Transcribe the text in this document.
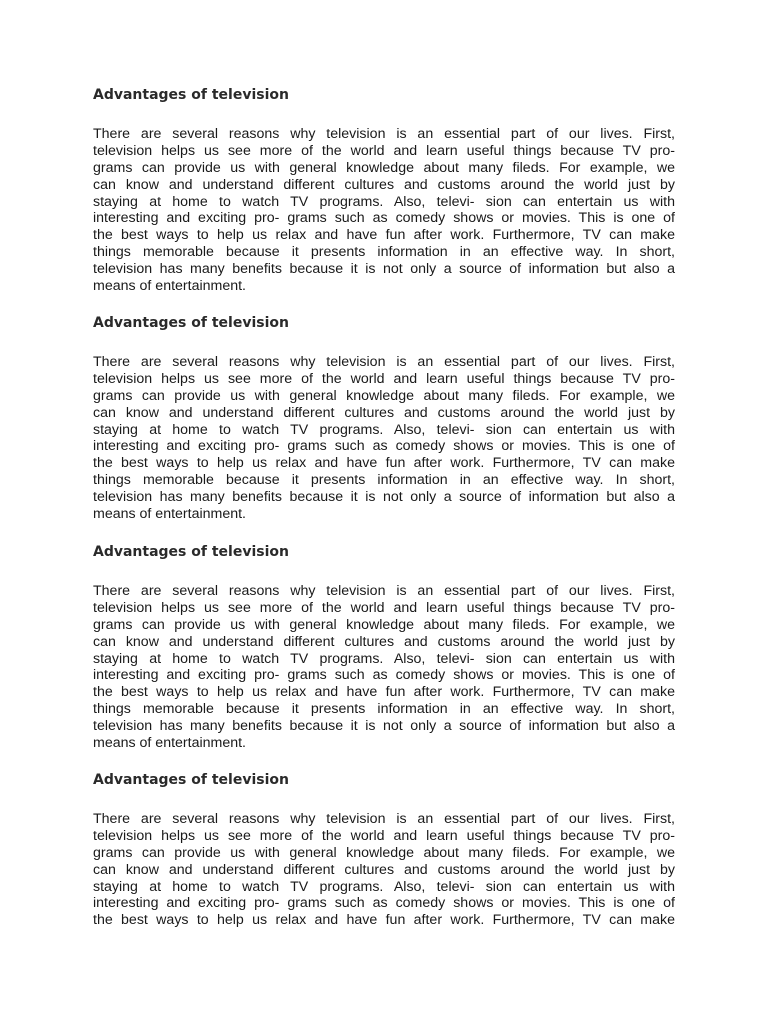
Advantages of television
There are several reasons why television is an essential part of our lives. First,
television helps us see more of the world and learn useful things because TV pro-
grams can provide us with general knowledge about many fileds. For example, we
can know and understand different cultures and customs around the world just by
staying at home to watch TV programs. Also, televi- sion can entertain us with
interesting and exciting pro- grams such as comedy shows or movies. This is one of
the best ways to help us relax and have fun after work. Furthermore, TV can make
things memorable because it presents information in an effective way. In short,
television has many benefits because it is not only a source of information but also a
means of entertainment.
Advantages of television
There are several reasons why television is an essential part of our lives. First,
television helps us see more of the world and learn useful things because TV pro-
grams can provide us with general knowledge about many fileds. For example, we
can know and understand different cultures and customs around the world just by
staying at home to watch TV programs. Also, televi- sion can entertain us with
interesting and exciting pro- grams such as comedy shows or movies. This is one of
the best ways to help us relax and have fun after work. Furthermore, TV can make
things memorable because it presents information in an effective way. In short,
television has many benefits because it is not only a source of information but also a
means of entertainment.
Advantages of television
There are several reasons why television is an essential part of our lives. First,
television helps us see more of the world and learn useful things because TV pro-
grams can provide us with general knowledge about many fileds. For example, we
can know and understand different cultures and customs around the world just by
staying at home to watch TV programs. Also, televi- sion can entertain us with
interesting and exciting pro- grams such as comedy shows or movies. This is one of
the best ways to help us relax and have fun after work. Furthermore, TV can make
things memorable because it presents information in an effective way. In short,
television has many benefits because it is not only a source of information but also a
means of entertainment.
Advantages of television
There are several reasons why television is an essential part of our lives. First,
television helps us see more of the world and learn useful things because TV pro-
grams can provide us with general knowledge about many fileds. For example, we
can know and understand different cultures and customs around the world just by
staying at home to watch TV programs. Also, televi- sion can entertain us with
interesting and exciting pro- grams such as comedy shows or movies. This is one of
the best ways to help us relax and have fun after work. Furthermore, TV can make
